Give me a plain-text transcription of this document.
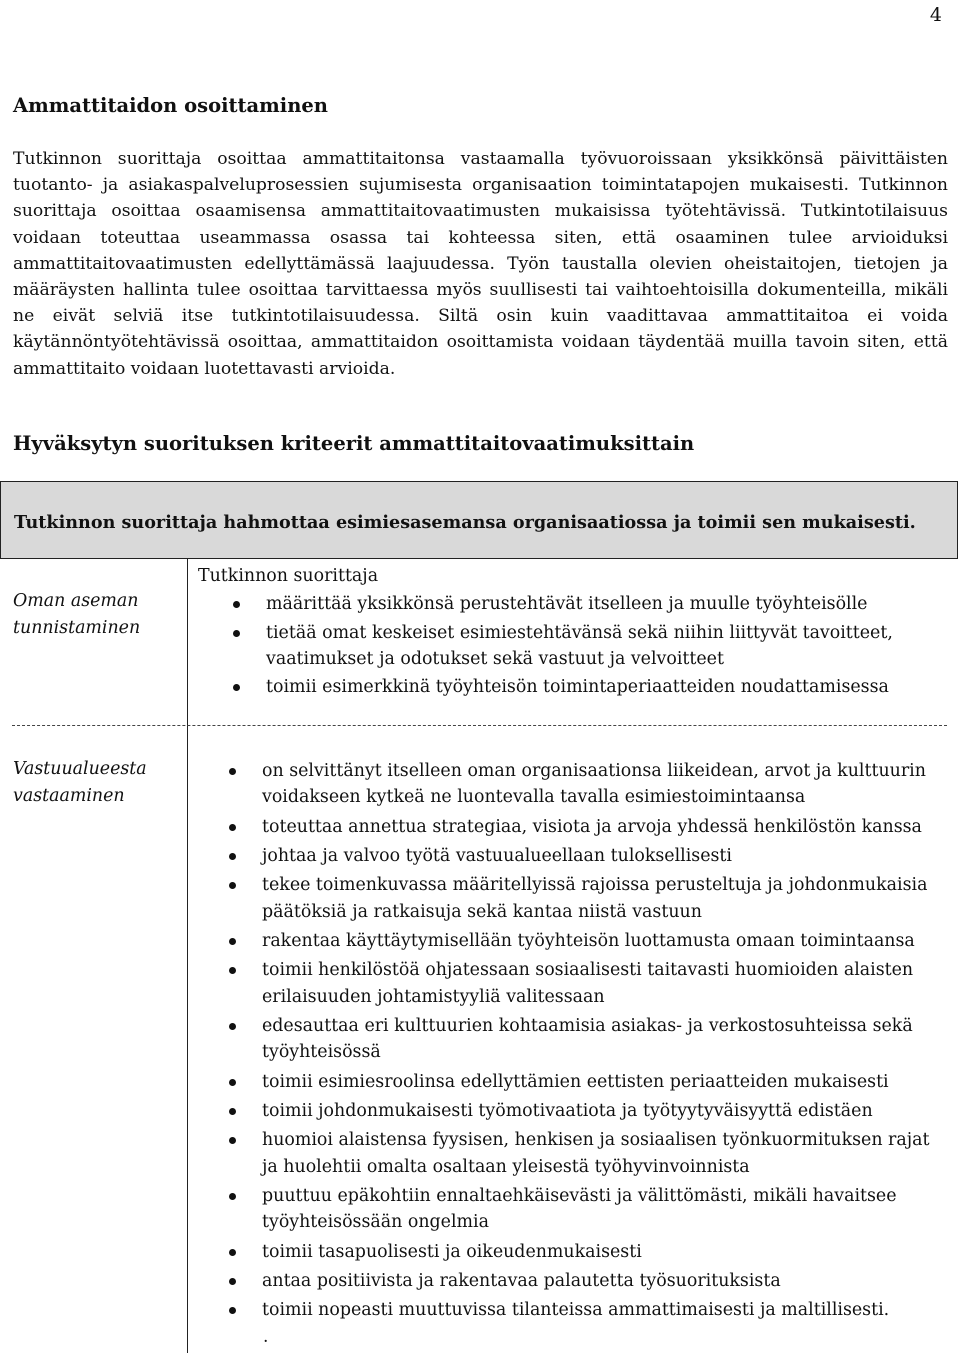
4
Ammattitaidon osoittaminen
Tutkinnon suorittaja osoittaa ammattitaitonsa vastaamalla työvuoroissaan yksikkönsä päivittäisten tuotanto- ja asiakaspalveluprosessien sujumisesta organisaation toimintatapojen mukaisesti. Tutkinnon suorittaja osoittaa osaamisensa ammattitaitovaatimusten mukaisissa työtehtävissä. Tutkintotilaisuus voidaan toteuttaa useammassa osassa tai kohteessa siten, että osaaminen tulee arvioiduksi ammattitaitovaatimusten edellyttämässä laajuudessa. Työn taustalla olevien oheistaitojen, tietojen ja määräysten hallinta tulee osoittaa tarvittaessa myös suullisesti tai vaihtoehtoisilla dokumenteilla, mikäli ne eivät selviä itse tutkintotilaisuudessa. Siltä osin kuin vaadittavaa ammattitaitoa ei voida käytännöntyötehtävissä osoittaa, ammattitaidon osoittamista voidaan täydentää muilla tavoin siten, että ammattitaito voidaan luotettavasti arvioida.
Hyväksytyn suorituksen kriteerit ammattitaitovaatimuksittain
Tutkinnon suorittaja hahmottaa esimiesasemansa organisaatiossa ja toimii sen mukaisesti.
Oman aseman tunnistaminen
Tutkinnon suorittaja
määrittää yksikkönsä perustehtävät itselleen ja muulle työyhteisölle
tietää omat keskeiset esimiestehtävänsä sekä niihin liittyvät tavoitteet, vaatimukset ja odotukset sekä vastuut ja velvoitteet
toimii esimerkkinä työyhteisön toimintaperiaatteiden noudattamisessa
Vastuualueesta vastaaminen
on selvittänyt itselleen oman organisaationsa liikeidean, arvot ja kulttuurin voidakseen kytkeä ne luontevalla tavalla esimiestoimintaansa
toteuttaa annettua strategiaa, visiota ja arvoja yhdessä henkilöstön kanssa
johtaa ja valvoo työtä vastuualueellaan tuloksellisesti
tekee toimenkuvassa määritellyissä rajoissa perusteltuja ja johdonmukaisia päätöksiä ja ratkaisuja sekä kantaa niistä vastuun
rakentaa käyttäytymisellään työyhteisön luottamusta omaan toimintaansa
toimii henkilöstöä ohjatessaan sosiaalisesti taitavasti huomioiden alaisten erilaisuuden johtamistyyliä valitessaan
edesauttaa eri kulttuurien kohtaamisia asiakas- ja verkostosuhteissa sekä työyhteisössä
toimii esimiesroolinsa edellyttämien eettisten periaatteiden mukaisesti
toimii johdonmukaisesti työmotivaatiota ja työtyytyväisyyttä edistäen
huomioi alaistensa fyysisen, henkisen ja sosiaalisen työnkuormituksen rajat ja huolehtii omalta osaltaan yleisestä työhyvinvoinnista
puuttuu epäkohtiin ennaltaehkäisevästi ja välittömästi, mikäli havaitsee työyhteisössään ongelmia
toimii tasapuolisesti ja oikeudenmukaisesti
antaa positiivista ja rakentavaa palautetta työsuorituksista
toimii nopeasti muuttuvissa tilanteissa ammattimaisesti ja maltillisesti.
.
